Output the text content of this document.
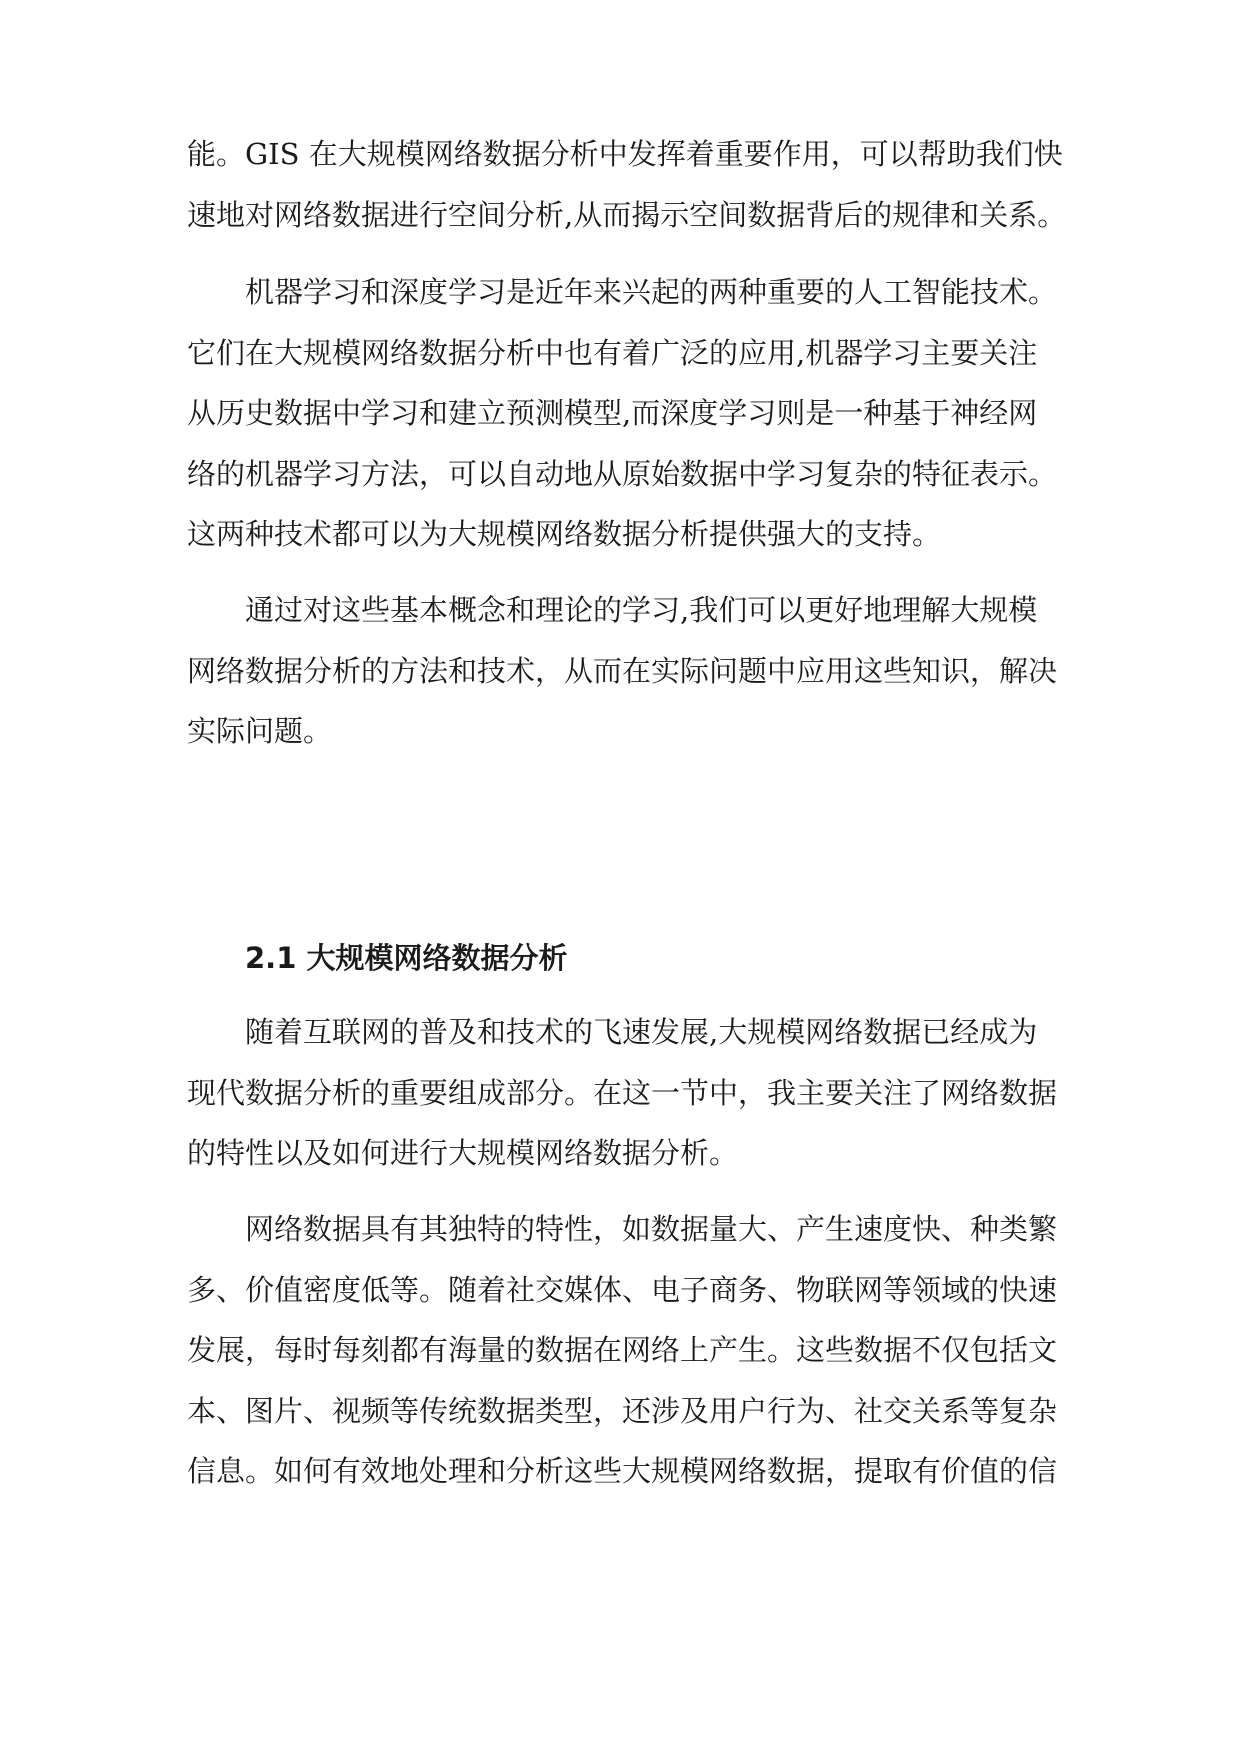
能。GIS 在大规模网络数据分析中发挥着重要作用，可以帮助我们快
速地对网络数据进行空间分析,从而揭示空间数据背后的规律和关系。
机器学习和深度学习是近年来兴起的两种重要的人工智能技术。
它们在大规模网络数据分析中也有着广泛的应用,机器学习主要关注
从历史数据中学习和建立预测模型,而深度学习则是一种基于神经网
络的机器学习方法，可以自动地从原始数据中学习复杂的特征表示。
这两种技术都可以为大规模网络数据分析提供强大的支持。
通过对这些基本概念和理论的学习,我们可以更好地理解大规模
网络数据分析的方法和技术，从而在实际问题中应用这些知识，解决
实际问题。
2.1 大规模网络数据分析
随着互联网的普及和技术的飞速发展,大规模网络数据已经成为
现代数据分析的重要组成部分。在这一节中，我主要关注了网络数据
的特性以及如何进行大规模网络数据分析。
网络数据具有其独特的特性，如数据量大、产生速度快、种类繁
多、价值密度低等。随着社交媒体、电子商务、物联网等领域的快速
发展，每时每刻都有海量的数据在网络上产生。这些数据不仅包括文
本、图片、视频等传统数据类型，还涉及用户行为、社交关系等复杂
信息。如何有效地处理和分析这些大规模网络数据，提取有价值的信
